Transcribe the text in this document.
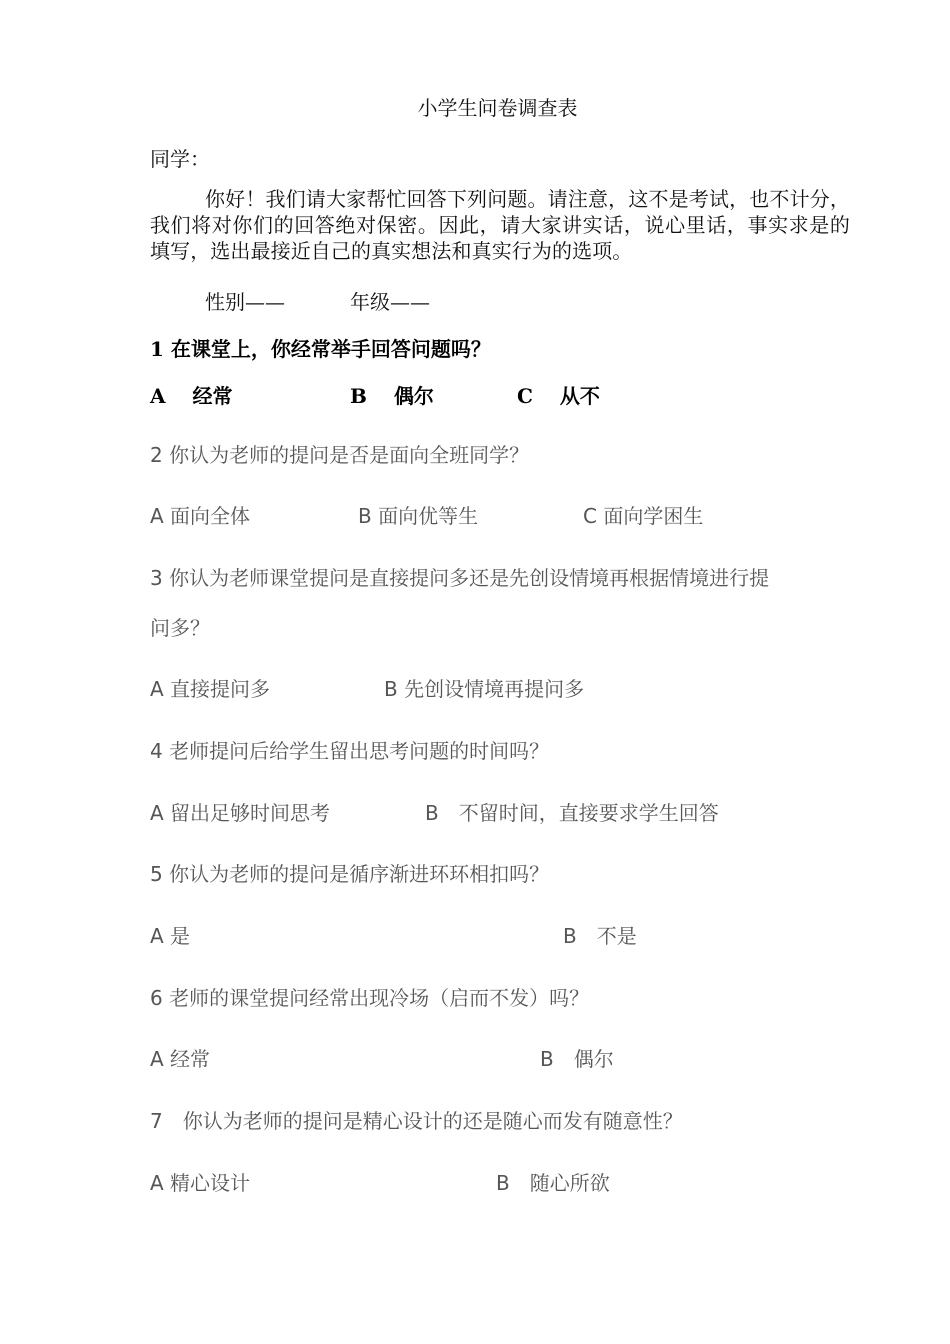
小学生问卷调查表
同学：
你好！我们请大家帮忙回答下列问题。请注意，这不是考试，也不计分，我们将对你们的回答绝对保密。因此，请大家讲实话，说心里话，事实求是的填写，选出最接近自己的真实想法和真实行为的选项。
性别——	年级——
1 在课堂上，你经常举手回答问题吗？
A　 经常	B　 偶尔	C　 从不
2 你认为老师的提问是否是面向全班同学？
A 面向全体	B 面向优等生	C 面向学困生
3 你认为老师课堂提问是直接提问多还是先创设情境再根据情境进行提
问多？
A 直接提问多	B 先创设情境再提问多
4 老师提问后给学生留出思考问题的时间吗？
A 留出足够时间思考	B　不留时间，直接要求学生回答
5 你认为老师的提问是循序渐进环环相扣吗？
A 是	B　不是
6 老师的课堂提问经常出现冷场（启而不发）吗？
A 经常	B　偶尔
7　你认为老师的提问是精心设计的还是随心而发有随意性？
A 精心设计	B　随心所欲
